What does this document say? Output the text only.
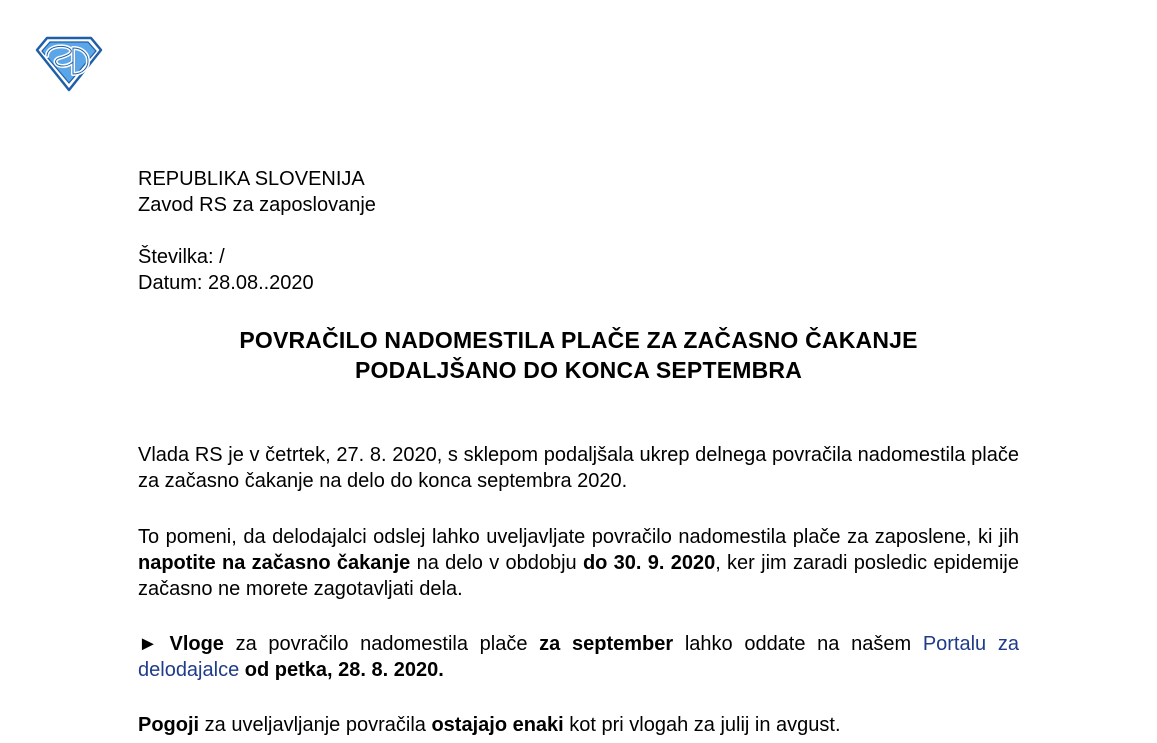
REPUBLIKA SLOVENIJA
Zavod RS za zaposlovanje
Številka: /
Datum: 28.08..2020
POVRAČILO NADOMESTILA PLAČE ZA ZAČASNO ČAKANJE
PODALJŠANO DO KONCA SEPTEMBRA
Vlada RS je v četrtek, 27. 8. 2020, s sklepom podaljšala ukrep delnega povračila nadomestila plače za začasno čakanje na delo do konca septembra 2020.
To pomeni, da delodajalci odslej lahko uveljavljate povračilo nadomestila plače za zaposlene, ki jih napotite na začasno čakanje na delo v obdobju do 30. 9. 2020, ker jim zaradi posledic epidemije začasno ne morete zagotavljati dela.
► Vloge za povračilo nadomestila plače za september lahko oddate na našem Portalu za delodajalce od petka, 28. 8. 2020.
Pogoji za uveljavljanje povračila ostajajo enaki kot pri vlogah za julij in avgust.
